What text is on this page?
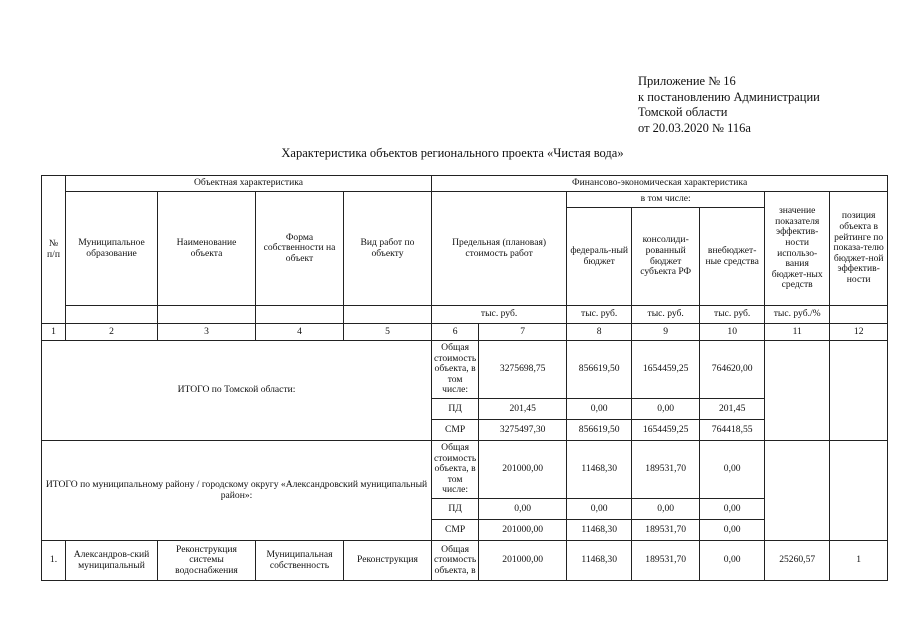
Приложение № 16
к постановлению Администрации
Томской области
от 20.03.2020 № 116а
Характеристика объектов регионального проекта «Чистая вода»
№ п/п	Объектная характеристика				Финансово-экономическая характеристика						
	Муниципальное образование	Наименование объекта	Форма собственности на объект	Вид работ по объекту	Предельная (плановая) стоимость работ		в том числе:			значение показателя эффектив-ности использо-вания бюджет-ных средств	позиция объекта в рейтинге по показа-телю бюджет-ной эффектив-ности
							федераль-ный бюджет	консолиди-рованный бюджет субъекта РФ	внебюджет-ные средства		
					тыс. руб.		тыс. руб.	тыс. руб.	тыс. руб.	тыс. руб./%	
1	2	3	4	5	6	7	8	9	10	11	12
ИТОГО по Томской области:					Общая стоимость объекта, в том числе:	3275698,75	856619,50	1654459,25	764620,00		
					ПД	201,45	0,00	0,00	201,45		
					СМР	3275497,30	856619,50	1654459,25	764418,55		
ИТОГО по муниципальному району / городскому округу «Александровский муниципальный район»:					Общая стоимость объекта, в том числе:	201000,00	11468,30	189531,70	0,00		
					ПД	0,00	0,00	0,00	0,00		
					СМР	201000,00	11468,30	189531,70	0,00		
1.	Александров-ский муниципальный	Реконструкция системы водоснабжения	Муниципальная собственность	Реконструкция	Общая стоимость объекта, в	201000,00	11468,30	189531,70	0,00	25260,57	1
